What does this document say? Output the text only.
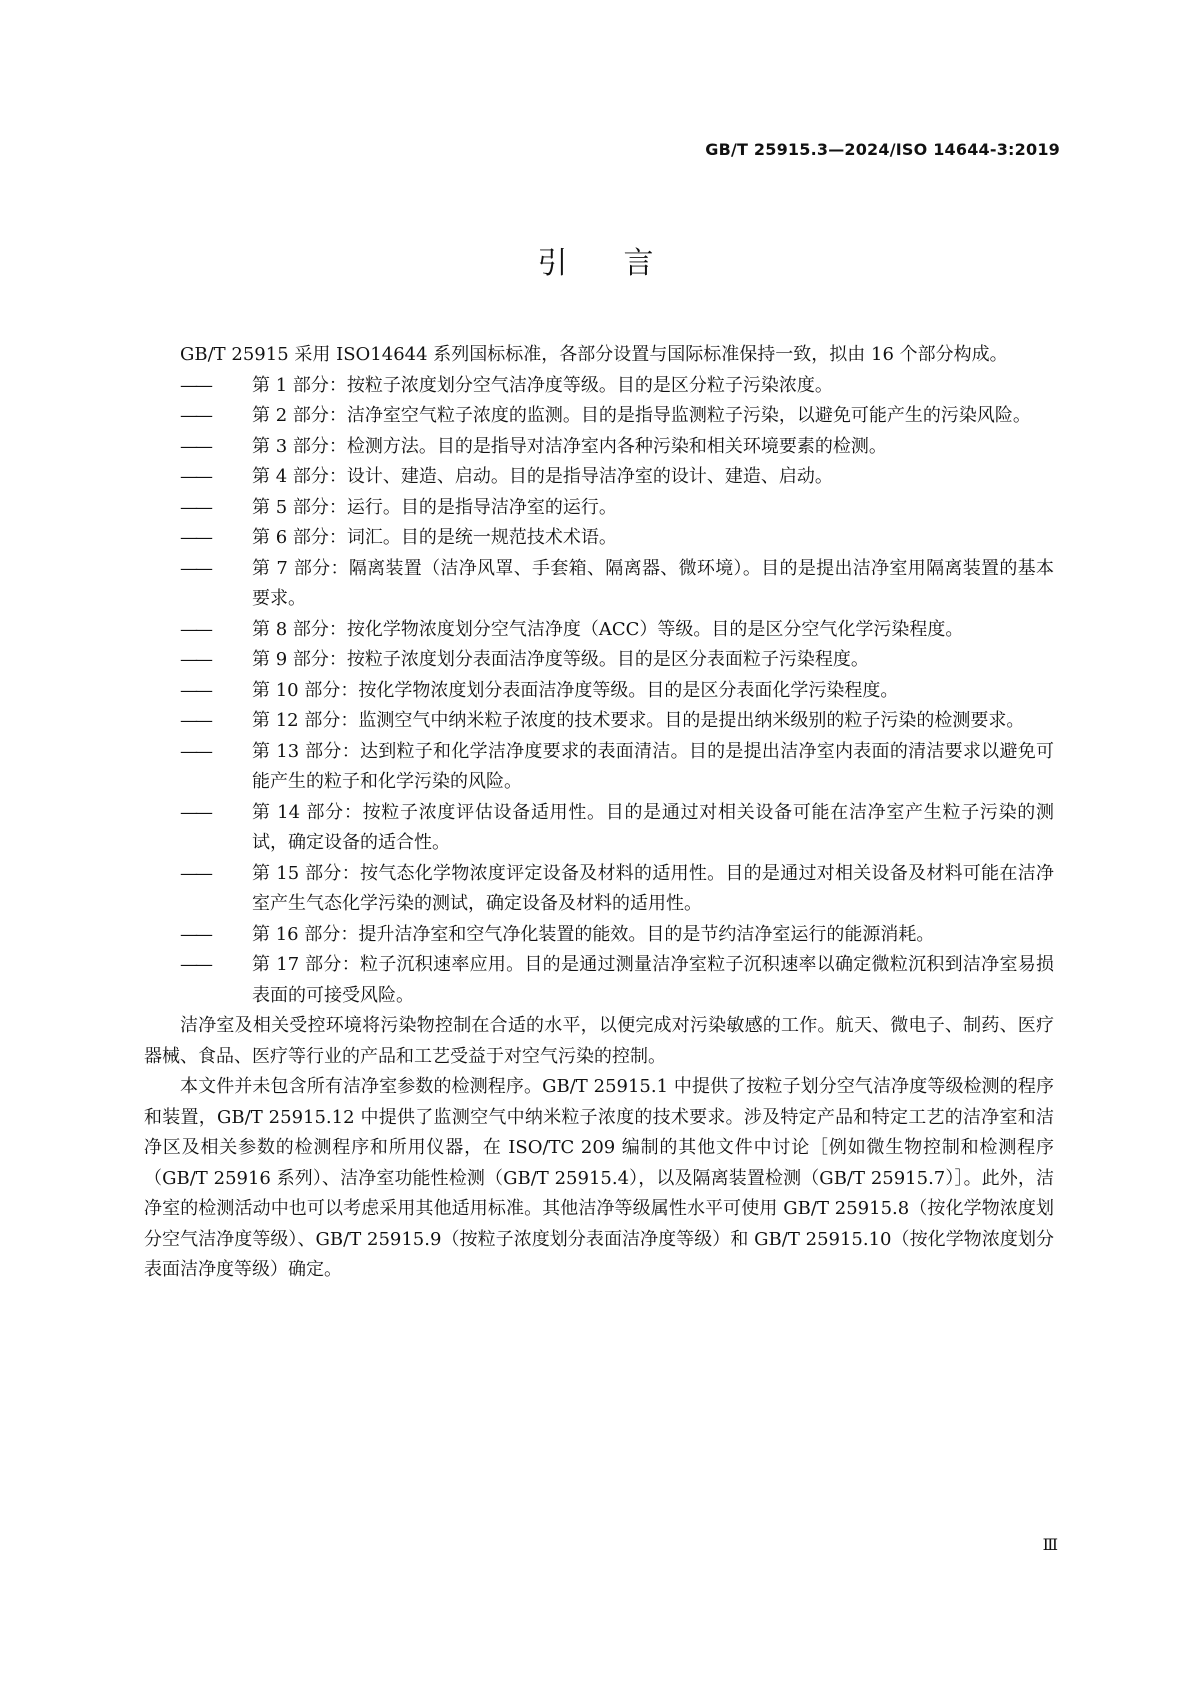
GB/T 25915.3—2024/ISO 14644-3:2019
引言

GB/T 25915 采用 ISO14644 系列国标标准，各部分设置与国际标准保持一致，拟由 16 个部分构成。

——	第 1 部分：按粒子浓度划分空气洁净度等级。目的是区分粒子污染浓度。
——	第 2 部分：洁净室空气粒子浓度的监测。目的是指导监测粒子污染，以避免可能产生的污染风险。
——	第 3 部分：检测方法。目的是指导对洁净室内各种污染和相关环境要素的检测。
——	第 4 部分：设计、建造、启动。目的是指导洁净室的设计、建造、启动。
——	第 5 部分：运行。目的是指导洁净室的运行。
——	第 6 部分：词汇。目的是统一规范技术术语。
——	第 7 部分：隔离装置（洁净风罩、手套箱、隔离器、微环境）。目的是提出洁净室用隔离装置的基本要求。
——	第 8 部分：按化学物浓度划分空气洁净度（ACC）等级。目的是区分空气化学污染程度。
——	第 9 部分：按粒子浓度划分表面洁净度等级。目的是区分表面粒子污染程度。
——	第 10 部分：按化学物浓度划分表面洁净度等级。目的是区分表面化学污染程度。
——	第 12 部分：监测空气中纳米粒子浓度的技术要求。目的是提出纳米级别的粒子污染的检测要求。
——	第 13 部分：达到粒子和化学洁净度要求的表面清洁。目的是提出洁净室内表面的清洁要求以避免可能产生的粒子和化学污染的风险。
——	第 14 部分：按粒子浓度评估设备适用性。目的是通过对相关设备可能在洁净室产生粒子污染的测试，确定设备的适合性。
——	第 15 部分：按气态化学物浓度评定设备及材料的适用性。目的是通过对相关设备及材料可能在洁净室产生气态化学污染的测试，确定设备及材料的适用性。
——	第 16 部分：提升洁净室和空气净化装置的能效。目的是节约洁净室运行的能源消耗。
——	第 17 部分：粒子沉积速率应用。目的是通过测量洁净室粒子沉积速率以确定微粒沉积到洁净室易损表面的可接受风险。

洁净室及相关受控环境将污染物控制在合适的水平，以便完成对污染敏感的工作。航天、微电子、制药、医疗器械、食品、医疗等行业的产品和工艺受益于对空气污染的控制。

本文件并未包含所有洁净室参数的检测程序。GB/T 25915.1 中提供了按粒子划分空气洁净度等级检测的程序和装置，GB/T 25915.12 中提供了监测空气中纳米粒子浓度的技术要求。涉及特定产品和特定工艺的洁净室和洁净区及相关参数的检测程序和所用仪器，在 ISO/TC 209 编制的其他文件中讨论［例如微生物控制和检测程序（GB/T 25916 系列）、洁净室功能性检测（GB/T 25915.4），以及隔离装置检测（GB/T 25915.7）］。此外，洁净室的检测活动中也可以考虑采用其他适用标准。其他洁净等级属性水平可使用 GB/T 25915.8（按化学物浓度划分空气洁净度等级）、GB/T 25915.9（按粒子浓度划分表面洁净度等级）和 GB/T 25915.10（按化学物浓度划分表面洁净度等级）确定。

Ⅲ
